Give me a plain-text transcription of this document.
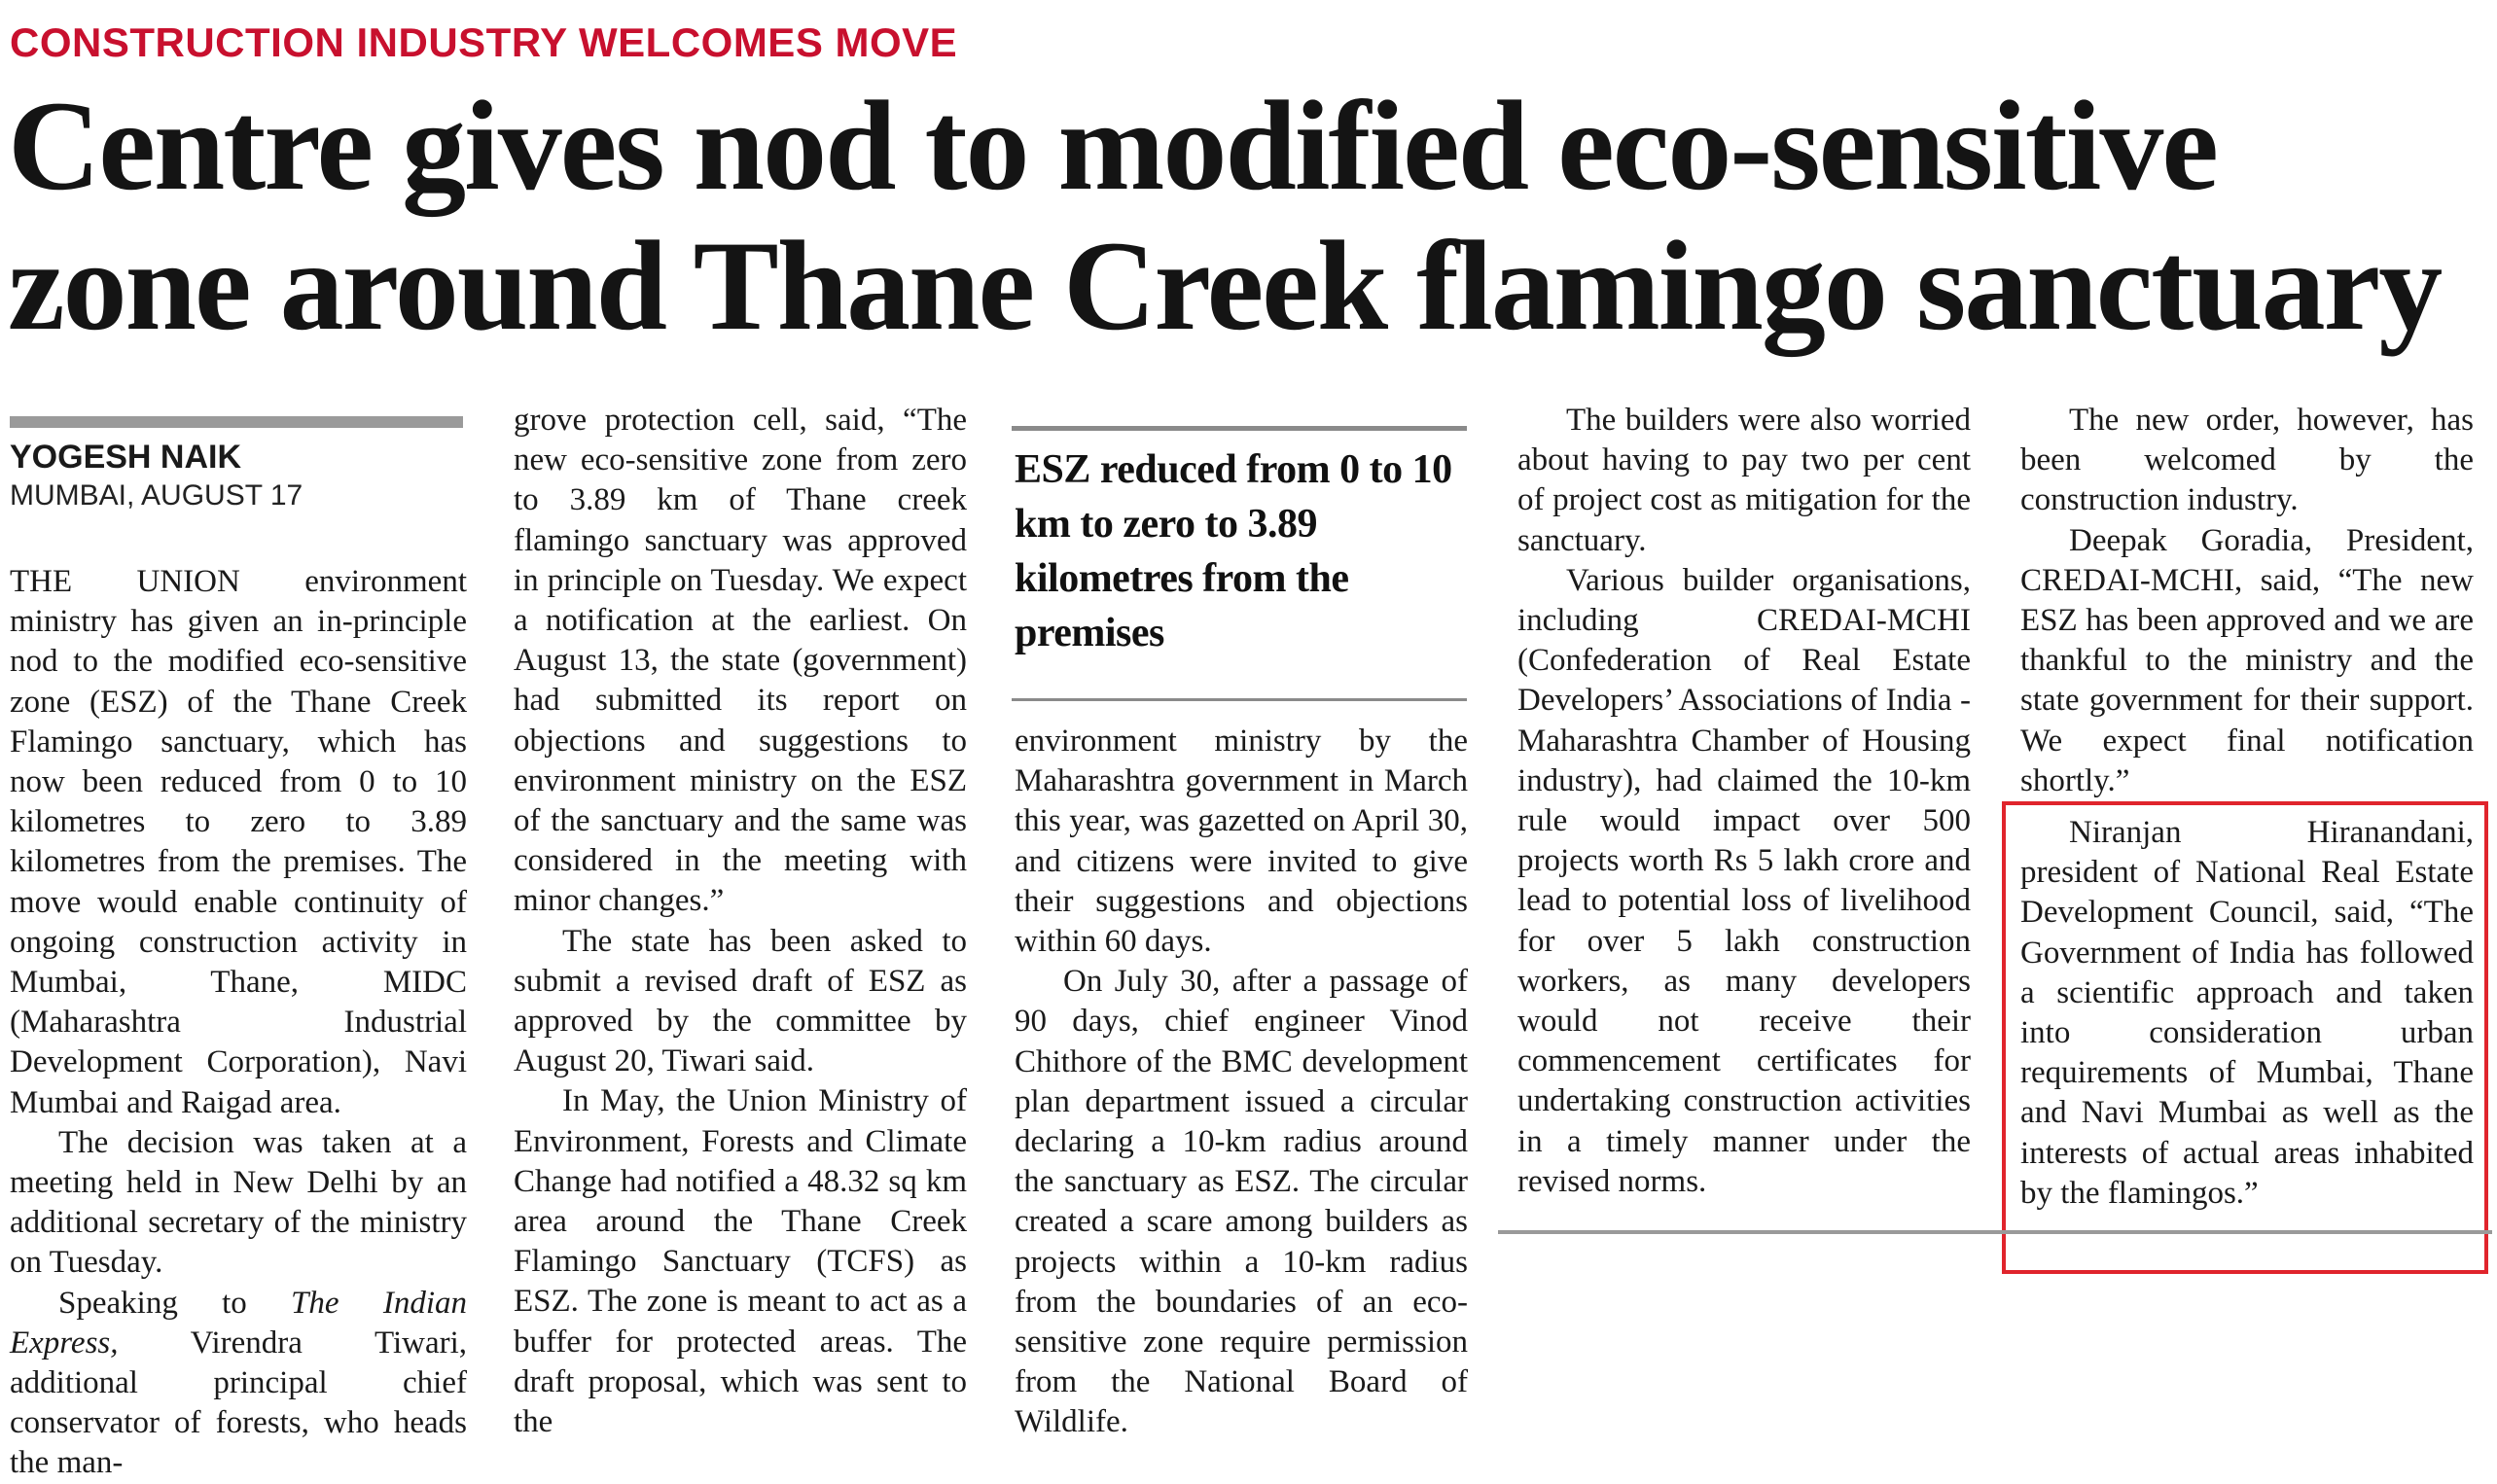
CONSTRUCTION INDUSTRY WELCOMES MOVE
Centre gives nod to modified eco-sensitive zone around Thane Creek flamingo sanctuary
YOGESH NAIK
MUMBAI, AUGUST 17

THE UNION environment ministry has given an in-principle nod to the modified eco-sensitive zone (ESZ) of the Thane Creek Flamingo sanctuary, which has now been reduced from 0 to 10 kilometres to zero to 3.89 kilometres from the premises. The move would enable continuity of ongoing construction activity in Mumbai, Thane, MIDC (Maharashtra Industrial Development Corporation), Navi Mumbai and Raigad area.

The decision was taken at a meeting held in New Delhi by an additional secretary of the ministry on Tuesday.

Speaking to The Indian Express, Virendra Tiwari, additional principal chief conservator of forests, who heads the man-

grove protection cell, said, “The new eco-sensitive zone from zero to 3.89 km of Thane creek flamingo sanctuary was approved in principle on Tuesday. We expect a notification at the earliest. On August 13, the state (government) had submitted its report on objections and suggestions to environment ministry on the ESZ of the sanctuary and the same was considered in the meeting with minor changes.”

The state has been asked to submit a revised draft of ESZ as approved by the committee by August 20, Tiwari said.

In May, the Union Ministry of Environment, Forests and Climate Change had notified a 48.32 sq km area around the Thane Creek Flamingo Sanctuary (TCFS) as ESZ. The zone is meant to act as a buffer for protected areas. The draft proposal, which was sent to the

ESZ reduced from 0 to 10 km to zero to 3.89 kilometres from the premises

environment ministry by the Maharashtra government in March this year, was gazetted on April 30, and citizens were invited to give their suggestions and objections within 60 days.

On July 30, after a passage of 90 days, chief engineer Vinod Chithore of the BMC development plan department issued a circular declaring a 10-km radius around the sanctuary as ESZ. The circular created a scare among builders as projects within a 10-km radius from the boundaries of an eco-sensitive zone require permission from the National Board of Wildlife.

The builders were also worried about having to pay two per cent of project cost as mitigation for the sanctuary.

Various builder organisations, including CREDAI-MCHI (Confederation of Real Estate Developers’ Associations of India - Maharashtra Chamber of Housing industry), had claimed the 10-km rule would impact over 500 projects worth Rs 5 lakh crore and lead to potential loss of livelihood for over 5 lakh construction workers, as many developers would not receive their commencement certificates for undertaking construction activities in a timely manner under the revised norms.

The new order, however, has been welcomed by the construction industry.

Deepak Goradia, President, CREDAI-MCHI, said, “The new ESZ has been approved and we are thankful to the ministry and the state government for their support. We expect final notification shortly.”

Niranjan Hiranandani, president of National Real Estate Development Council, said, “The Government of India has followed a scientific approach and taken into consideration urban requirements of Mumbai, Thane and Navi Mumbai as well as the interests of actual areas inhabited by the flamingos.”
